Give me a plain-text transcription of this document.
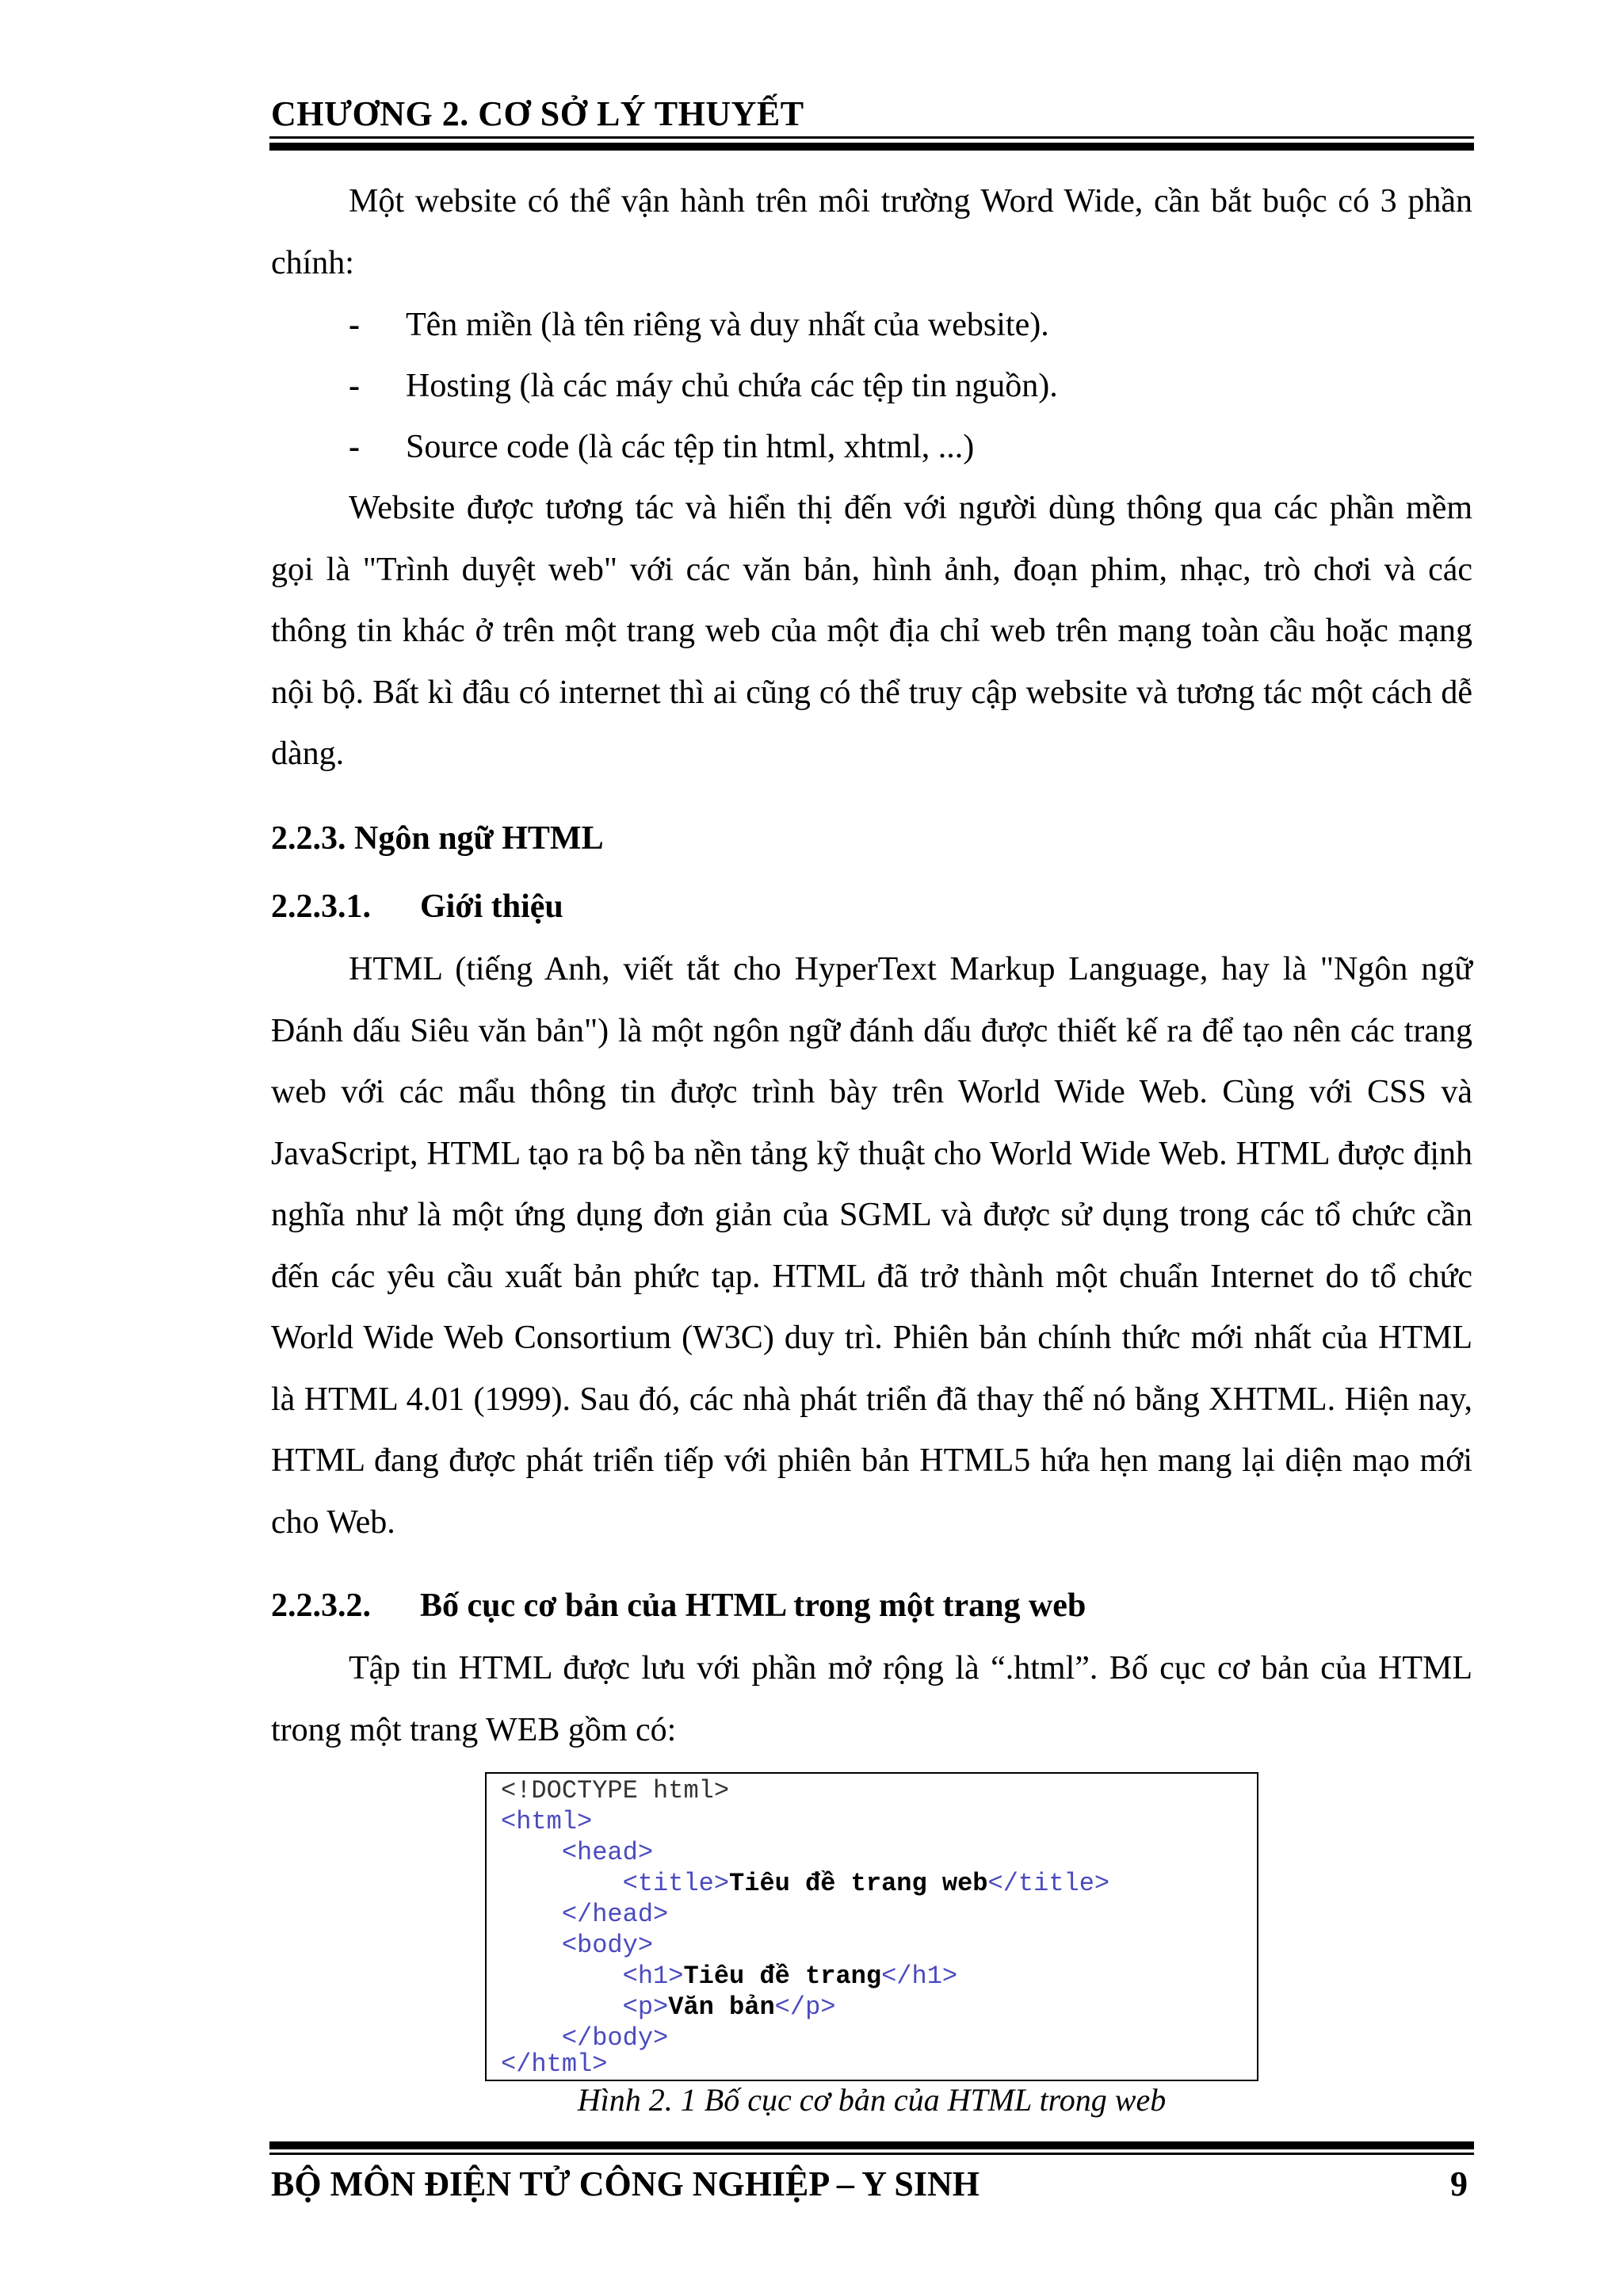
CHƯƠNG 2. CƠ SỞ LÝ THUYẾT

Một website có thể vận hành trên môi trường Word Wide, cần bắt buộc có 3 phần chính:

- Tên miền (là tên riêng và duy nhất của website).
- Hosting (là các máy chủ chứa các tệp tin nguồn).
- Source code (là các tệp tin html, xhtml, ...)

Website được tương tác và hiển thị đến với người dùng thông qua các phần mềm gọi là "Trình duyệt web" với các văn bản, hình ảnh, đoạn phim, nhạc, trò chơi và các thông tin khác ở trên một trang web của một địa chỉ web trên mạng toàn cầu hoặc mạng nội bộ. Bất kì đâu có internet thì ai cũng có thể truy cập website và tương tác một cách dễ dàng.

2.2.3. Ngôn ngữ HTML
2.2.3.1. Giới thiệu

HTML (tiếng Anh, viết tắt cho HyperText Markup Language, hay là "Ngôn ngữ Đánh dấu Siêu văn bản") là một ngôn ngữ đánh dấu được thiết kế ra để tạo nên các trang web với các mẩu thông tin được trình bày trên World Wide Web. Cùng với CSS và JavaScript, HTML tạo ra bộ ba nền tảng kỹ thuật cho World Wide Web. HTML được định nghĩa như là một ứng dụng đơn giản của SGML và được sử dụng trong các tổ chức cần đến các yêu cầu xuất bản phức tạp. HTML đã trở thành một chuẩn Internet do tổ chức World Wide Web Consortium (W3C) duy trì. Phiên bản chính thức mới nhất của HTML là HTML 4.01 (1999). Sau đó, các nhà phát triển đã thay thế nó bằng XHTML. Hiện nay, HTML đang được phát triển tiếp với phiên bản HTML5 hứa hẹn mang lại diện mạo mới cho Web.

2.2.3.2. Bố cục cơ bản của HTML trong một trang web

Tập tin HTML được lưu với phần mở rộng là “.html”. Bố cục cơ bản của HTML trong một trang WEB gồm có:

<!DOCTYPE html>
<html>
<head>
<title>Tiêu đề trang web</title>
</head>
<body>
<h1>Tiêu đề trang</h1>
<p>Văn bản</p>
</body>
</html>
Hình 2. 1 Bố cục cơ bản của HTML trong web
BỘ MÔN ĐIỆN TỬ CÔNG NGHIỆP – Y SINH	9
